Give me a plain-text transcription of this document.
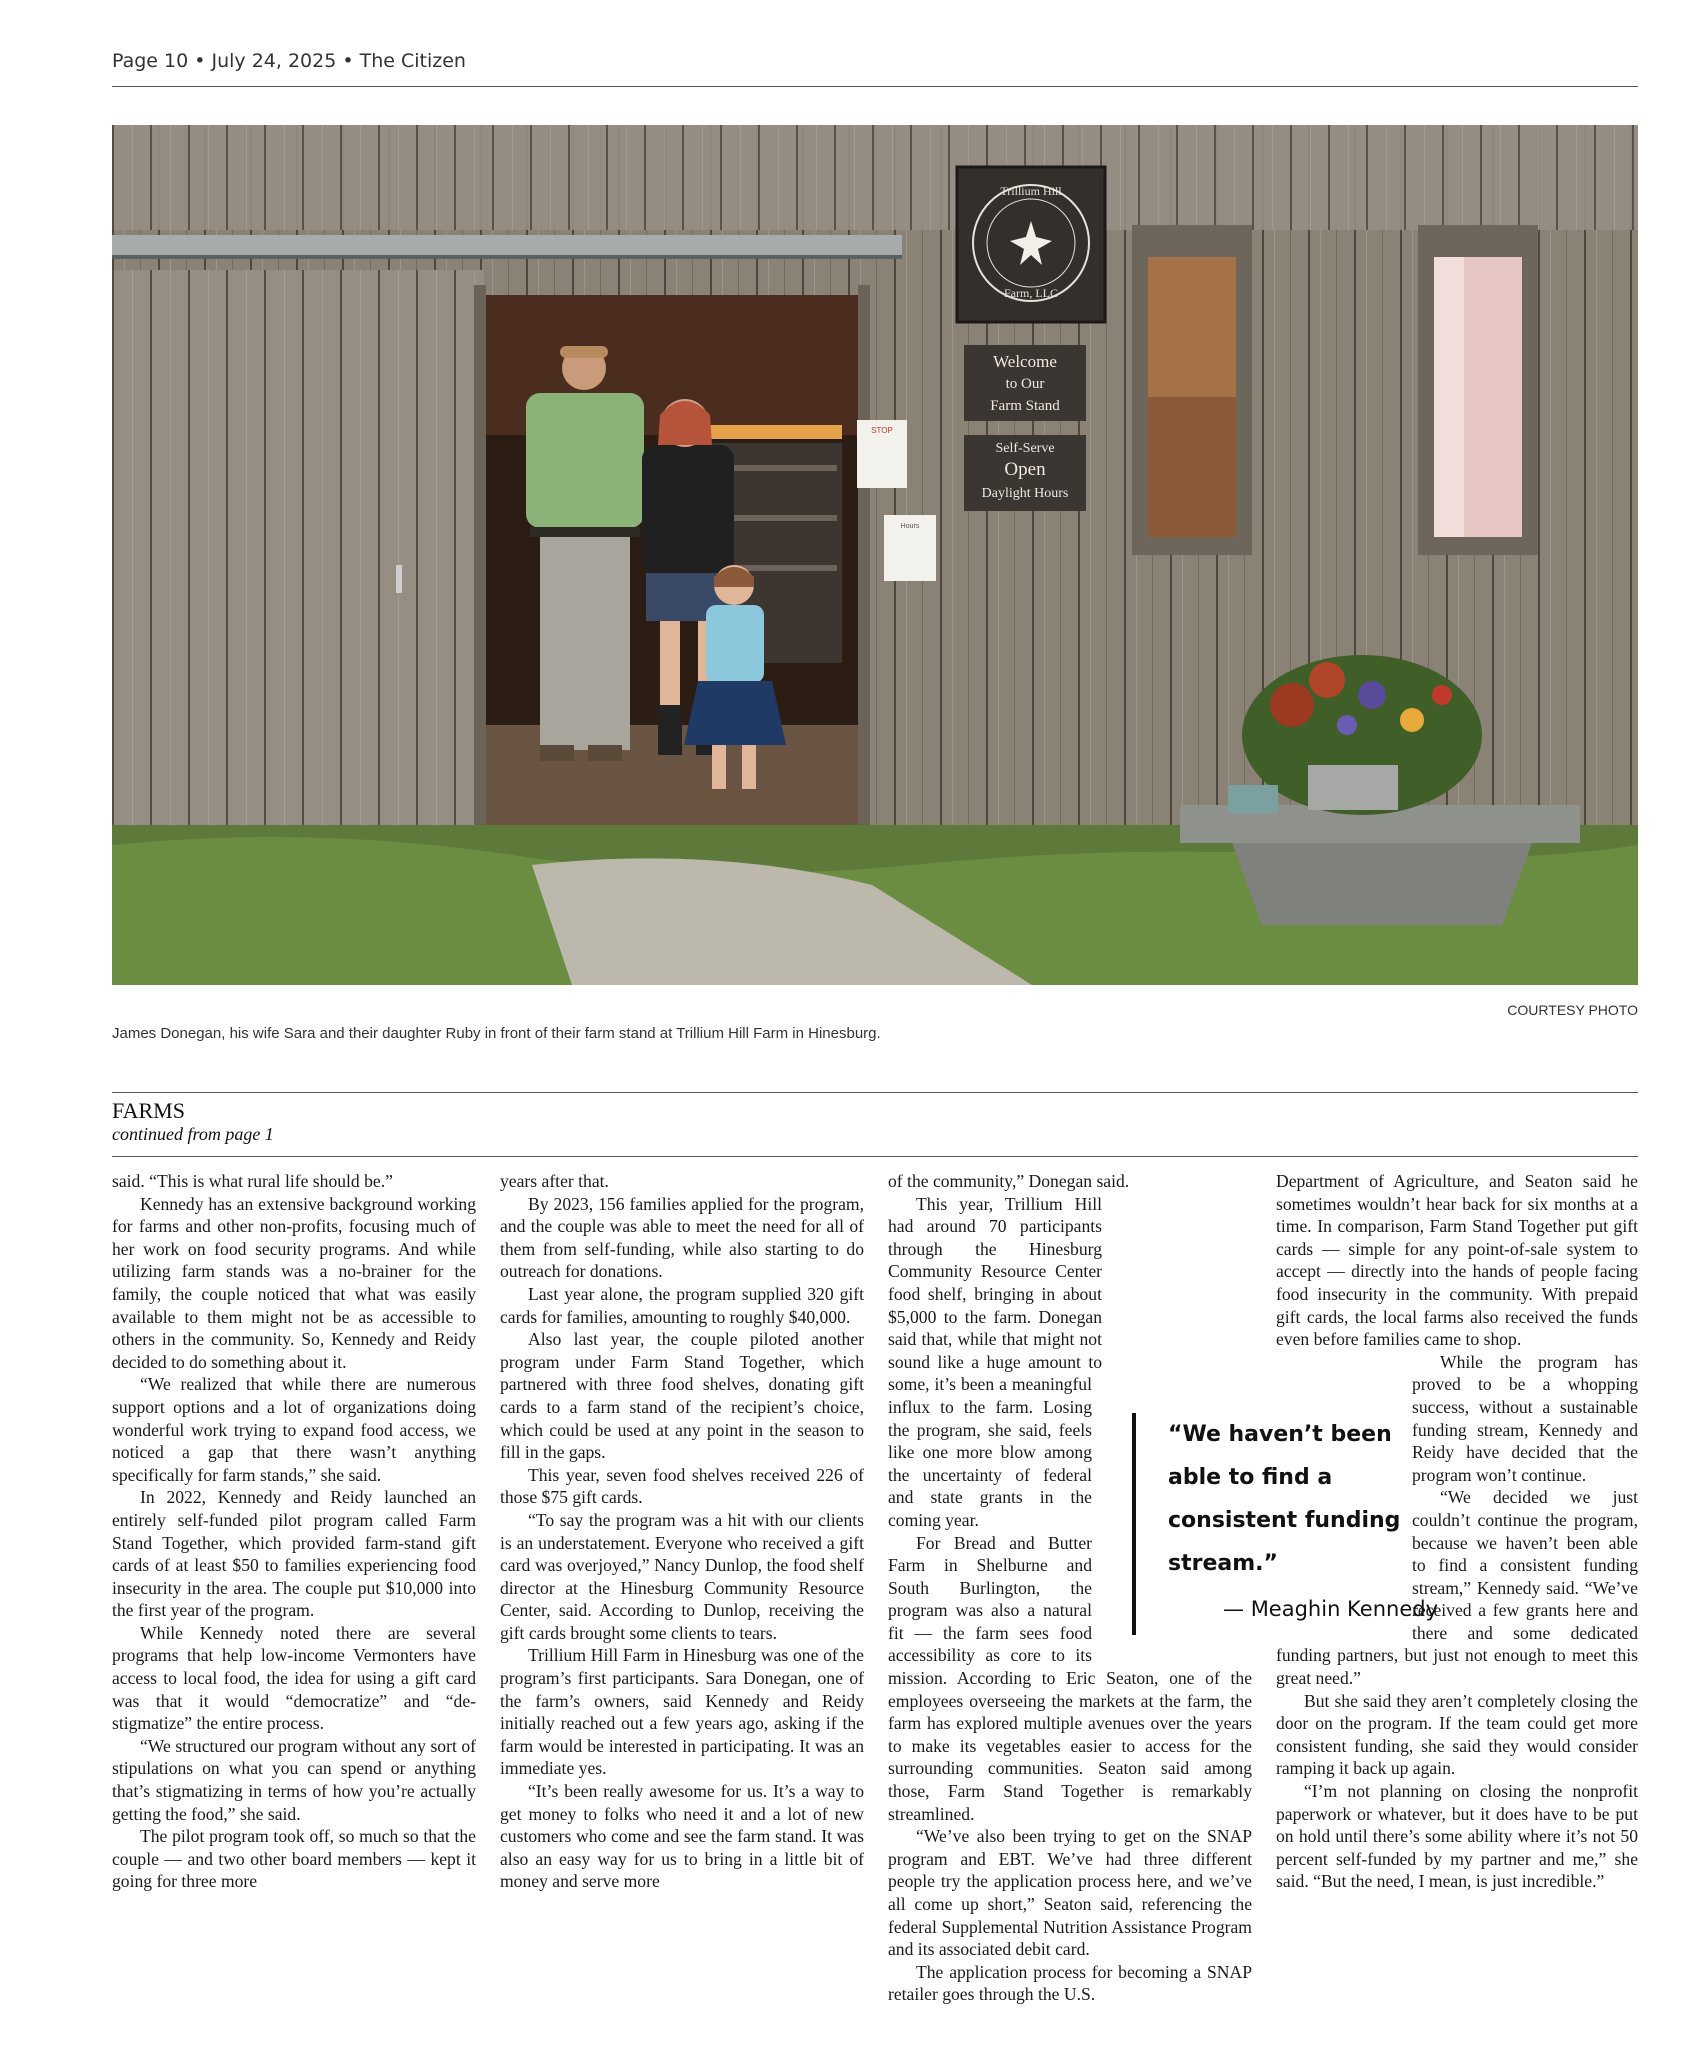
Page 10 • July 24, 2025 • The Citizen
STOP
Hours
Trillium Hill
Farm, LLC
Welcome
to Our
Farm Stand
Self-Serve
Open
Daylight Hours
COURTESY PHOTO
James Donegan, his wife Sara and their daughter Ruby in front of their farm stand at Trillium Hill Farm in Hinesburg.
FARMS
continued from page 1

said. “This is what rural life should be.”

Kennedy has an extensive background working for farms and other non-profits, focusing much of her work on food security programs. And while utilizing farm stands was a no-brainer for the family, the couple noticed that what was easily available to them might not be as accessible to others in the community. So, Kennedy and Reidy decided to do something about it.

“We realized that while there are numerous support options and a lot of organizations doing wonderful work trying to expand food access, we noticed a gap that there wasn’t anything specifically for farm stands,” she said.

In 2022, Kennedy and Reidy launched an entirely self-funded pilot program called Farm Stand Together, which provided farm-stand gift cards of at least $50 to families experiencing food insecurity in the area. The couple put $10,000 into the first year of the program.

While Kennedy noted there are several programs that help low-income Vermonters have access to local food, the idea for using a gift card was that it would “democratize” and “de-stigmatize” the entire process.

“We structured our program without any sort of stipulations on what you can spend or anything that’s stigmatizing in terms of how you’re actually getting the food,” she said.

The pilot program took off, so much so that the couple — and two other board members — kept it going for three more

years after that.

By 2023, 156 families applied for the program, and the couple was able to meet the need for all of them from self-funding, while also starting to do outreach for donations.

Last year alone, the program supplied 320 gift cards for families, amounting to roughly $40,000.

Also last year, the couple piloted another program under Farm Stand Together, which partnered with three food shelves, donating gift cards to a farm stand of the recipient’s choice, which could be used at any point in the season to fill in the gaps.

This year, seven food shelves received 226 of those $75 gift cards.

“To say the program was a hit with our clients is an understatement. Everyone who received a gift card was overjoyed,” Nancy Dunlop, the food shelf director at the Hinesburg Community Resource Center, said. According to Dunlop, receiving the gift cards brought some clients to tears.

Trillium Hill Farm in Hinesburg was one of the program’s first participants. Sara Donegan, one of the farm’s owners, said Kennedy and Reidy initially reached out a few years ago, asking if the farm would be interested in participating. It was an immediate yes.

“It’s been really awesome for us. It’s a way to get money to folks who need it and a lot of new customers who come and see the farm stand. It was also an easy way for us to bring in a little bit of money and serve more

of the community,” Donegan said.

This year, Trillium Hill had around 70 participants through the Hinesburg Community Resource Center food shelf, bringing in about $5,000 to the farm. Donegan said that, while that might not sound like a huge amount to some, it’s been a meaningful influx to the farm. Losing the program, she said, feels like one more blow among the uncertainty of federal and state grants in the coming year.

For Bread and Butter Farm in Shelburne and South Burlington, the program was also a natural fit — the farm sees food accessibility as core to its mission. According to Eric Seaton, one of the employees overseeing the markets at the farm, the farm has explored multiple avenues over the years to make its vegetables easier to access for the surrounding communities. Seaton said among those, Farm Stand Together is remarkably streamlined.

“We’ve also been trying to get on the SNAP program and EBT. We’ve had three different people try the application process here, and we’ve all come up short,” Seaton said, referencing the federal Supplemental Nutrition Assistance Program and its associated debit card.

The application process for becoming a SNAP retailer goes through the U.S.

Department of Agriculture, and Seaton said he sometimes wouldn’t hear back for six months at a time. In comparison, Farm Stand Together put gift cards — simple for any point-of-sale system to accept — directly into the hands of people facing food insecurity in the community. With prepaid gift cards, the local farms also received the funds even before families came to shop.

While the program has proved to be a whopping success, without a sustainable funding stream, Kennedy and Reidy have decided that the program won’t continue.

“We decided we just couldn’t continue the program, because we haven’t been able to find a consistent funding stream,” Kennedy said. “We’ve received a few grants here and there and some dedicated funding partners, but just not enough to meet this great need.”

But she said they aren’t completely closing the door on the program. If the team could get more consistent funding, she said they would consider ramping it back up again.

“I’m not planning on closing the nonprofit paperwork or whatever, but it does have to be put on hold until there’s some ability where it’s not 50 percent self-funded by my partner and me,” she said. “But the need, I mean, is just incredible.”

“We haven’t been able to find a consistent funding stream.”
— Meaghin Kennedy
